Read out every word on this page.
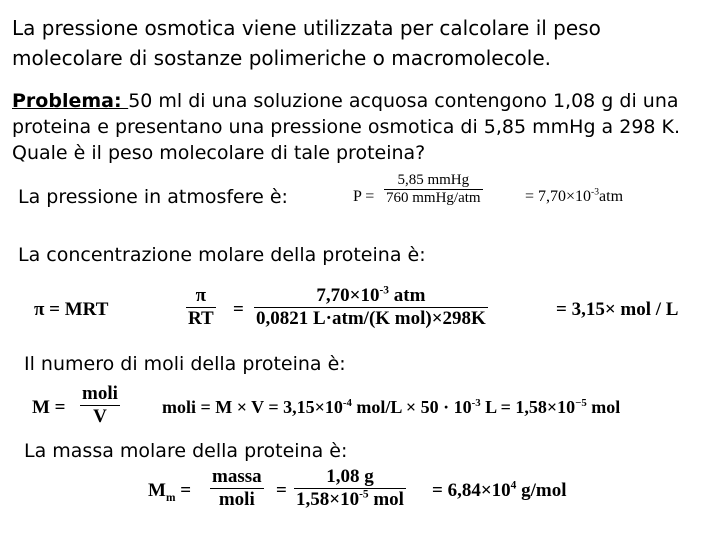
La pressione osmotica viene utilizzata per calcolare il peso
molecolare di sostanze polimeriche o macromolecole.
Problema: 50 ml di una soluzione acquosa contengono 1,08 g di una
proteina e presentano una pressione osmotica di 5,85 mmHg a 298 K.
Quale è il peso molecolare di tale proteina?
La pressione in atmosfere è:	P =
5,85 mmHg
760 mmHg/atm	= $7,70\times 10^{-3}atm$
La concentrazione molare della proteina è:
π = MRT
π
RT =
$7,70\times 10^{-3}$ atm
0,0821 L·atm/(K mol)×298K	= 3,15× mol / L
Il numero di moli della proteina è:
M =
moli
V	moli = $M \times V = 3,15\times 10^{-4}$ $mol/L \times 50 \cdot 10^{-3}$ $L = 1,58\times 10^{-5}$ mol
La massa molare della proteina è:
$M_m$ =
massa
moli =
1,08 g
$1,58\times 10^{-5}$ mol = $6,84\times 10^4$ g/mol
